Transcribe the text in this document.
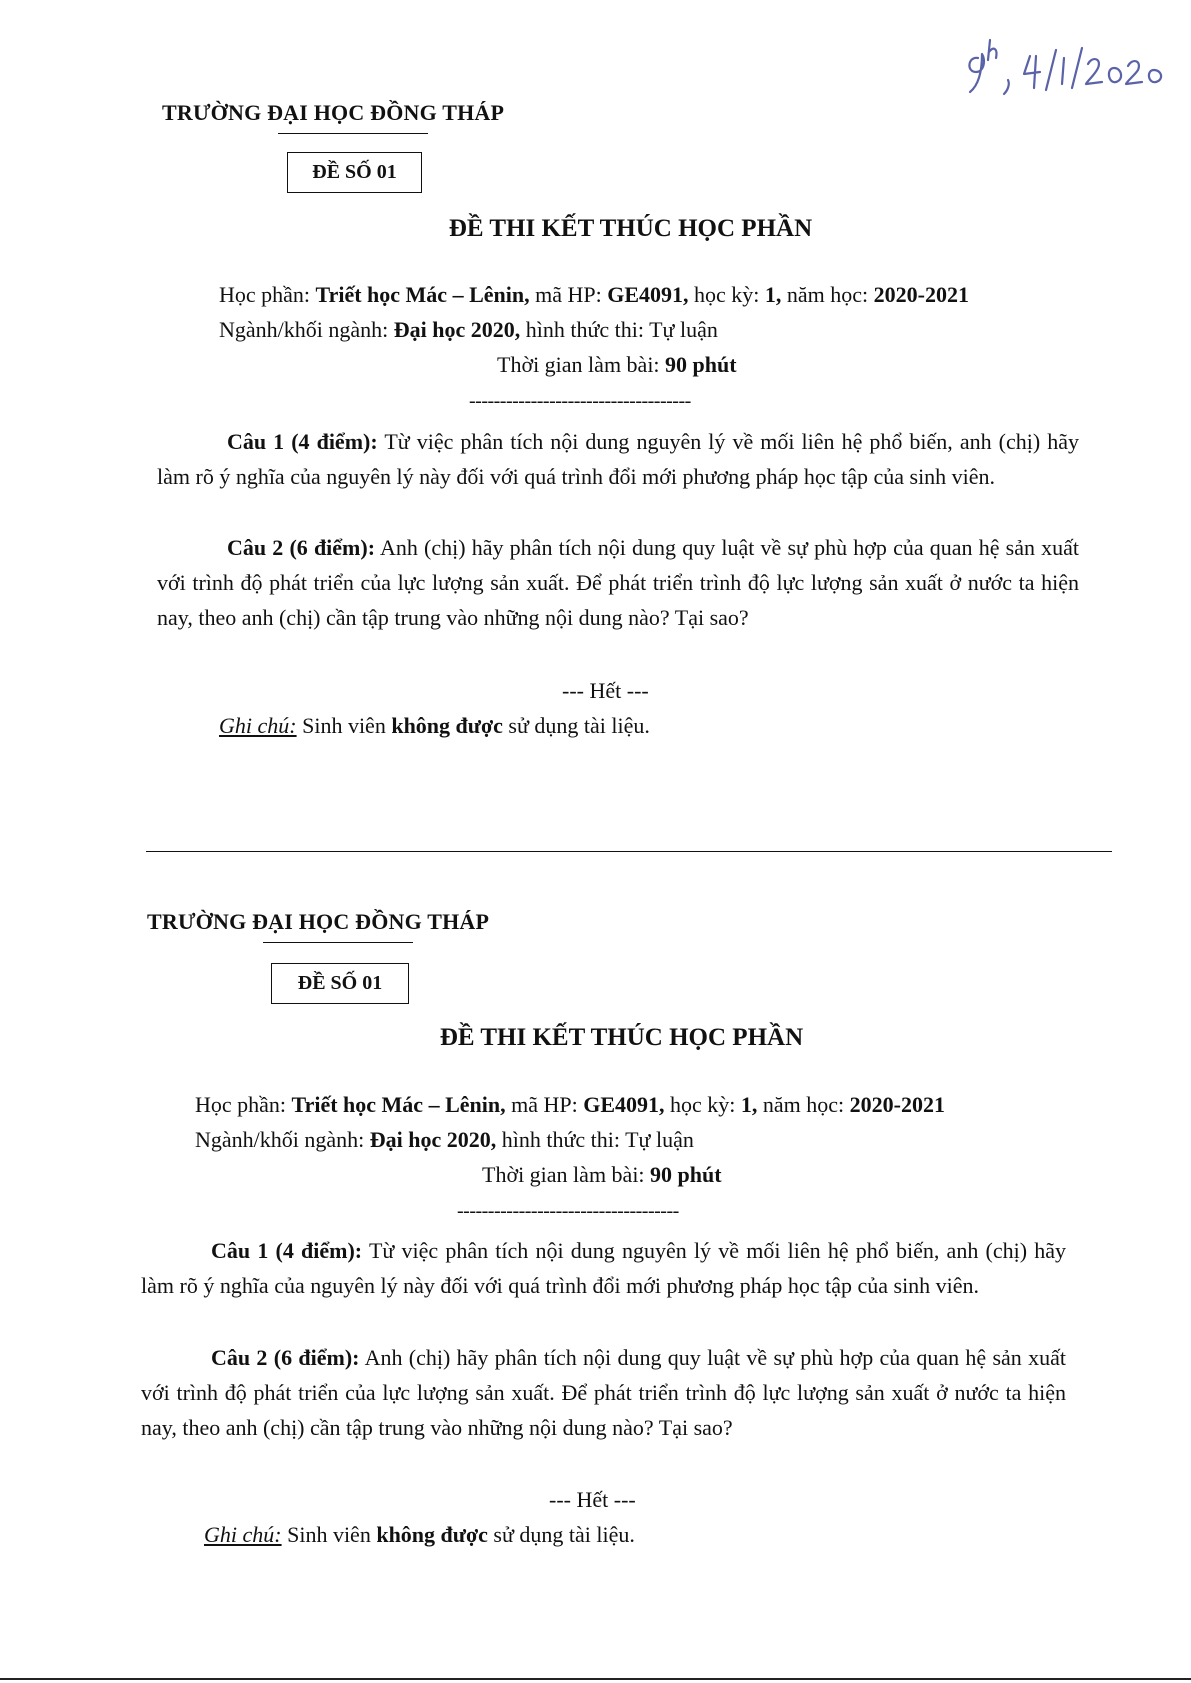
TRƯỜNG ĐẠI HỌC ĐỒNG THÁP
ĐỀ SỐ 01
ĐỀ THI KẾT THÚC HỌC PHẦN
Học phần: Triết học Mác – Lênin, mã HP: GE4091, học kỳ: 1, năm học: 2020-2021
Ngành/khối ngành: Đại học 2020, hình thức thi: Tự luận
Thời gian làm bài: 90 phút
------------------------------------
Câu 1 (4 điểm): Từ việc phân tích nội dung nguyên lý về mối liên hệ phổ biến, anh (chị) hãy làm rõ ý nghĩa của nguyên lý này đối với quá trình đổi mới phương pháp học tập của sinh viên.
Câu 2 (6 điểm): Anh (chị) hãy phân tích nội dung quy luật về sự phù hợp của quan hệ sản xuất với trình độ phát triển của lực lượng sản xuất. Để phát triển trình độ lực lượng sản xuất ở nước ta hiện nay, theo anh (chị) cần tập trung vào những nội dung nào? Tại sao?
--- Hết ---
Ghi chú: Sinh viên không được sử dụng tài liệu.
TRƯỜNG ĐẠI HỌC ĐỒNG THÁP
ĐỀ SỐ 01
ĐỀ THI KẾT THÚC HỌC PHẦN
Học phần: Triết học Mác – Lênin, mã HP: GE4091, học kỳ: 1, năm học: 2020-2021
Ngành/khối ngành: Đại học 2020, hình thức thi: Tự luận
Thời gian làm bài: 90 phút
------------------------------------
Câu 1 (4 điểm): Từ việc phân tích nội dung nguyên lý về mối liên hệ phổ biến, anh (chị) hãy làm rõ ý nghĩa của nguyên lý này đối với quá trình đổi mới phương pháp học tập của sinh viên.
Câu 2 (6 điểm): Anh (chị) hãy phân tích nội dung quy luật về sự phù hợp của quan hệ sản xuất với trình độ phát triển của lực lượng sản xuất. Để phát triển trình độ lực lượng sản xuất ở nước ta hiện nay, theo anh (chị) cần tập trung vào những nội dung nào? Tại sao?
--- Hết ---
Ghi chú: Sinh viên không được sử dụng tài liệu.
